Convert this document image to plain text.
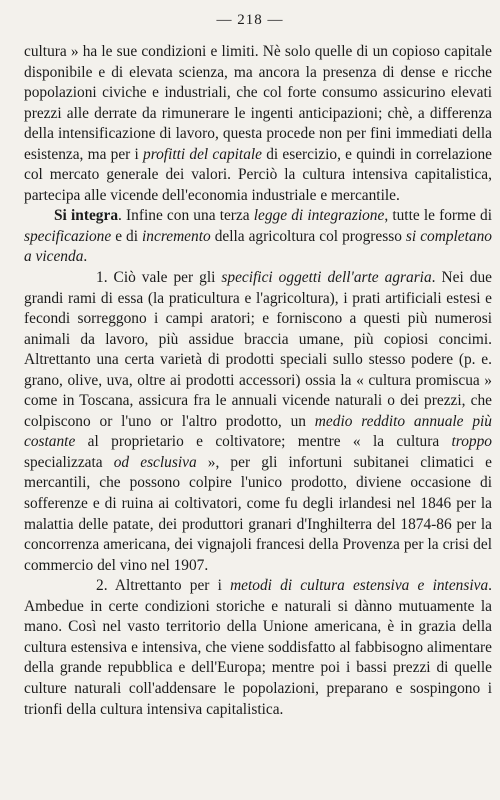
— 218 —

cultura » ha le sue condizioni e limiti. Nè solo quelle di un copioso capitale disponibile e di elevata scienza, ma ancora la presenza di dense e ricche popolazioni civiche e industriali, che col forte consumo assicurino elevati prezzi alle derrate da rimunerare le ingenti anticipazioni; chè, a differenza della intensificazione di lavoro, questa procede non per fini immediati della esistenza, ma per i profitti del capitale di esercizio, e quindi in correlazione col mercato generale dei valori. Perciò la cultura intensiva capitalistica, partecipa alle vicende dell'economia industriale e mercantile.

Si integra. Infine con una terza legge di integrazione, tutte le forme di specificazione e di incremento della agricoltura col progresso si completano a vicenda.

1. Ciò vale per gli specifici oggetti dell'arte agraria. Nei due grandi rami di essa (la praticultura e l'agricoltura), i prati artificiali estesi e fecondi sorreggono i campi aratori; e forniscono a questi più numerosi animali da lavoro, più assidue braccia umane, più copiosi concimi. Altrettanto una certa varietà di prodotti speciali sullo stesso podere (p. e. grano, olive, uva, oltre ai prodotti accessori) ossia la « cultura promiscua » come in Toscana, assicura fra le annuali vicende naturali o dei prezzi, che colpiscono or l'uno or l'altro prodotto, un medio reddito annuale più costante al proprietario e coltivatore; mentre « la cultura troppo specializzata od esclusiva », per gli infortuni subitanei climatici e mercantili, che possono colpire l'unico prodotto, diviene occasione di sofferenze e di ruina ai coltivatori, come fu degli irlandesi nel 1846 per la malattia delle patate, dei produttori granari d'Inghilterra del 1874-86 per la concorrenza americana, dei vignajoli francesi della Provenza per la crisi del commercio del vino nel 1907.

2. Altrettanto per i metodi di cultura estensiva e intensiva. Ambedue in certe condizioni storiche e naturali si dànno mutuamente la mano. Così nel vasto territorio della Unione americana, è in grazia della cultura estensiva e intensiva, che viene soddisfatto al fabbisogno alimentare della grande repubblica e dell'Europa; mentre poi i bassi prezzi di quelle culture naturali coll'addensare le popolazioni, preparano e sospingono i trionfi della cultura intensiva capitalistica.
